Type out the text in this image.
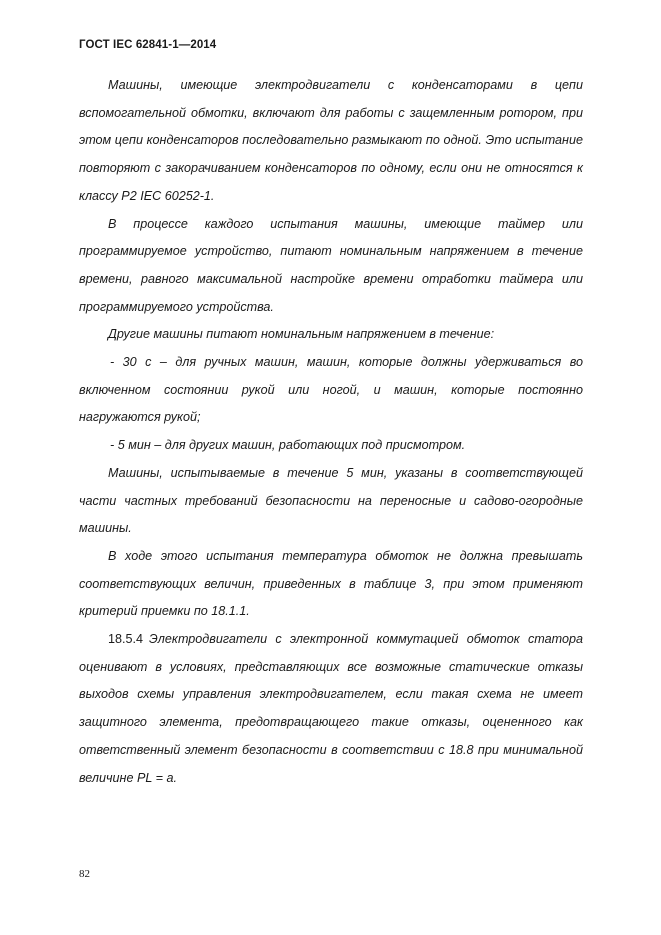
ГОСТ IEC 62841-1—2014

Машины, имеющие электродвигатели с конденсаторами в цепи вспомогательной обмотки, включают для работы с защемленным ротором, при этом цепи конденсаторов последовательно размыкают по одной. Это испытание повторяют с закорачиванием конденсаторов по одному, если они не относятся к классу Р2 IEC 60252-1.

В процессе каждого испытания машины, имеющие таймер или программируемое устройство, питают номинальным напряжением в течение времени, равного максимальной настройке времени отработки таймера или программируемого устройства.

Другие машины питают номинальным напряжением в течение:

- 30 с – для ручных машин, машин, которые должны удерживаться во включенном состоянии рукой или ногой, и машин, которые постоянно нагружаются рукой;

- 5 мин – для других машин, работающих под присмотром.

Машины, испытываемые в течение 5 мин, указаны в соответствующей части частных требований безопасности на переносные и садово-огородные машины.

В ходе этого испытания температура обмоток не должна превышать соответствующих величин, приведенных в таблице 3, при этом применяют критерий приемки по 18.1.1.

18.5.4 Электродвигатели с электронной коммутацией обмоток статора оценивают в условиях, представляющих все возможные статические отказы выходов схемы управления электродвигателем, если такая схема не имеет защитного элемента, предотвращающего такие отказы, оцененного как ответственный элемент безопасности в соответствии с 18.8 при минимальной величине PL = a.

82
